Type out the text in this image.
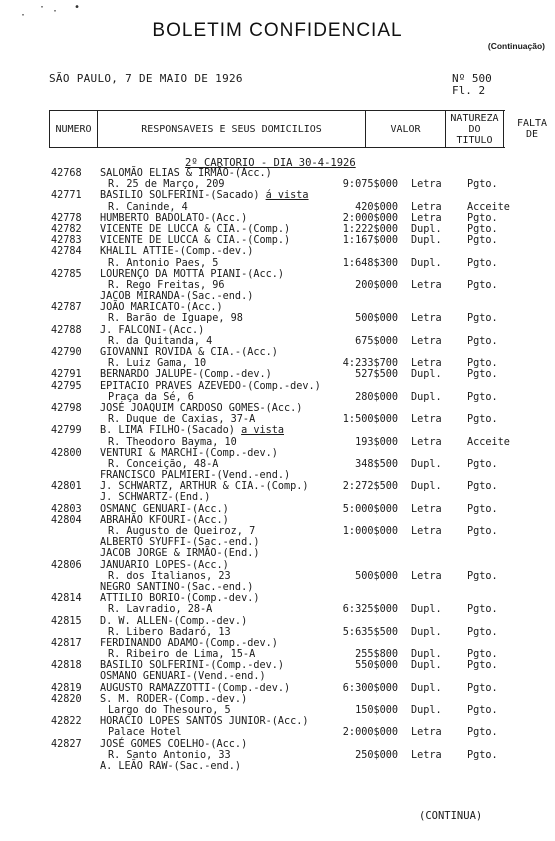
BOLETIM CONFIDENCIAL
(Continuação)
SÃO PAULO, 7 DE MAIO DE 1926	Nº 500
Fl. 2
·	•
·
·
NUMERO	RESPONSAVEIS E SEUS DOMICILIOS	VALOR
NATUREZA
DO
TITULO
FALTA DE
2º CARTORIO - DIA 30-4-1926
42768 SALOMÃO ELIAS & IRMÃO-(Acc.)
R. 25 de Março, 209	9:075$000 Letra Pgto.
42771 BASILIO SOLFERINI-(Sacado) á vista
R. Caninde, 4	420$000 Letra Acceite
42778 HUMBERTO BADOLATO-(Acc.)	2:000$000 Letra Pgto.
42782 VICENTE DE LUCCA & CIA.-(Comp.)	1:222$000 Dupl. Pgto.
42783 VICENTE DE LUCCA & CIA.-(Comp.)	1:167$000 Dupl. Pgto.
42784 KHALIL ATTIE-(Comp.-dev.)
R. Antonio Paes, 5	1:648$300 Dupl. Pgto.
42785 LOURENÇO DA MOTTA PIANI-(Acc.)
R. Rego Freitas, 96	200$000 Letra Pgto.
JACOB MIRANDA-(Sac.-end.)
42787 JOÃO MARICATO-(Acc.)
R. Barão de Iguape, 98	500$000 Letra Pgto.
42788 J. FALCONI-(Acc.)
R. da Quitanda, 4	675$000 Letra Pgto.
42790 GIOVANNI ROVIDA & CIA.-(Acc.)
R. Luiz Gama, 10	4:233$700 Letra Pgto.
42791 BERNARDO JALUPE-(Comp.-dev.)	527$500 Dupl. Pgto.
42795 EPITACIO PRAVES AZEVEDO-(Comp.-dev.)
Praça da Sé, 6	280$000 Dupl. Pgto.
42798 JOSÉ JOAQUIM CARDOSO GOMES-(Acc.)
R. Duque de Caxias, 37-A	1:500$000 Letra Pgto.
42799 B. LIMA FILHO-(Sacado) a vista
R. Theodoro Bayma, 10	193$000 Letra Acceite
42800 VENTURI & MARCHI-(Comp.-dev.)
R. Conceição, 48-A	348$500 Dupl. Pgto.
FRANCISCO PALMIERI-(Vend.-end.)
42801 J. SCHWARTZ, ARTHUR & CIA.-(Comp.)	2:272$500 Dupl. Pgto.
J. SCHWARTZ-(End.)
42803 OSMANC GENUARI-(Acc.)	5:000$000 Letra Pgto.
42804 ABRAHÃO KFOURI-(Acc.)
R. Augusto de Queiroz, 7	1:000$000 Letra Pgto.
ALBERTO SYUFFI-(Sac.-end.)
JACOB JORGE & IRMÃO-(End.)
42806 JANUARIO LOPES-(Acc.)
R. dos Italianos, 23	500$000 Letra Pgto.
NEGRO SANTINO-(Sac.-end.)
42814 ATTILIO BORIO-(Comp.-dev.)
R. Lavradio, 28-A	6:325$000 Dupl. Pgto.
42815 D. W. ALLEN-(Comp.-dev.)
R. Libero Badaró, 13	5:635$500 Dupl. Pgto.
42817 FERDINANDO ADAMO-(Comp.-dev.)
R. Ribeiro de Lima, 15-A	255$800 Dupl. Pgto.
42818 BASILIO SOLFERINI-(Comp.-dev.)	550$000 Dupl. Pgto.
OSMANO GENUARI-(Vend.-end.)
42819 AUGUSTO RAMAZZOTTI-(Comp.-dev.)	6:300$000 Dupl. Pgto.
42820 S. M. RODER-(Comp.-dev.)
Largo do Thesouro, 5	150$000 Dupl. Pgto.
42822 HORACIO LOPES SANTOS JUNIOR-(Acc.)
Palace Hotel	2:000$000 Letra Pgto.
42827 JOSÉ GOMES COELHO-(Acc.)
R. Santo Antonio, 33	250$000 Letra Pgto.
A. LEÃO RAW-(Sac.-end.)
(CONTINUA)
